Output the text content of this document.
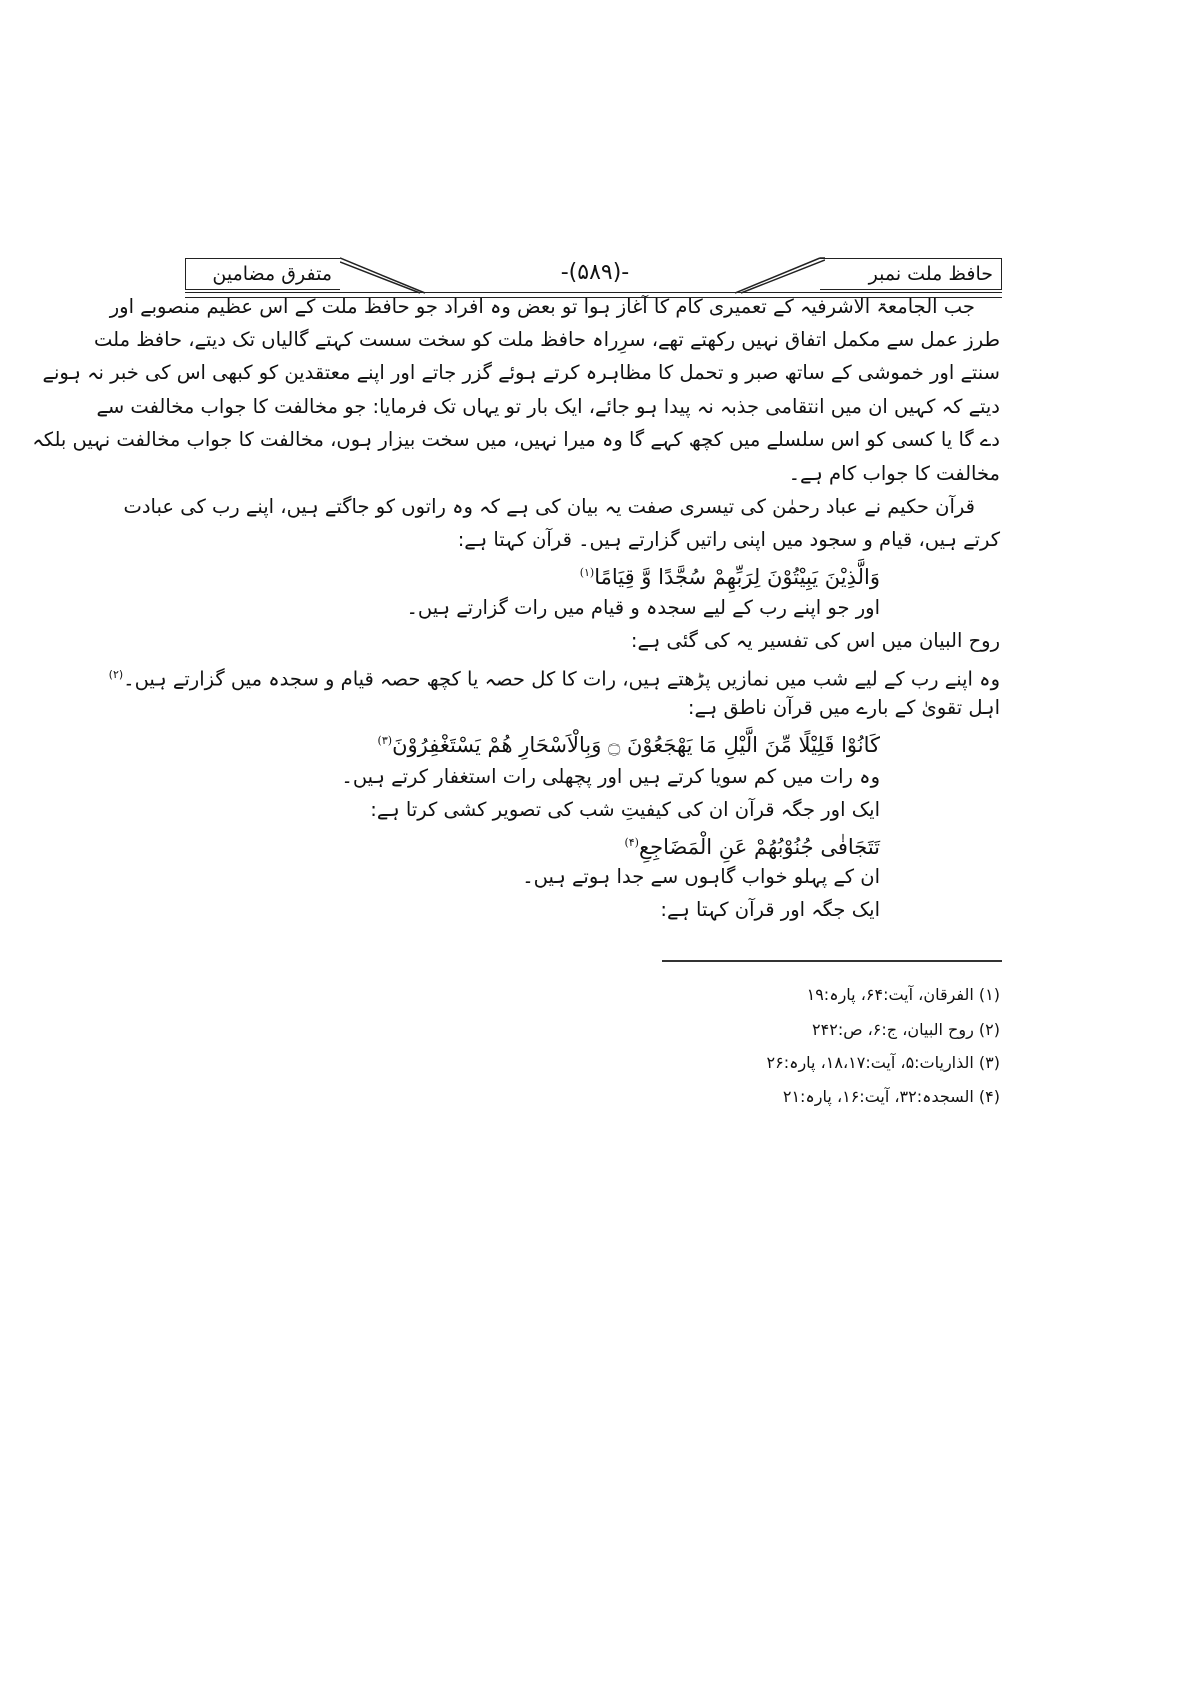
حافظ ملت نمبر
-(۵۸۹)-
متفرق مضامین
جب الجامعۃ الاشرفیہ کے تعمیری کام کا آغاز ہوا تو بعض وہ افراد جو حافظ ملت کے اس عظیم منصوبے اور
طرز عمل سے مکمل اتفاق نہیں رکھتے تھے، سرِراہ حافظ ملت کو سخت سست کہتے گالیاں تک دیتے، حافظ ملت
سنتے اور خموشی کے ساتھ صبر و تحمل کا مظاہرہ کرتے ہوئے گزر جاتے اور اپنے معتقدین کو کبھی اس کی خبر نہ ہونے
دیتے کہ کہیں ان میں انتقامی جذبہ نہ پیدا ہو جائے، ایک بار تو یہاں تک فرمایا: جو مخالفت کا جواب مخالفت سے
دے گا یا کسی کو اس سلسلے میں کچھ کہے گا وہ میرا نہیں، میں سخت بیزار ہوں، مخالفت کا جواب مخالفت نہیں بلکہ
مخالفت کا جواب کام ہے۔
قرآن حکیم نے عباد رحمٰن کی تیسری صفت یہ بیان کی ہے کہ وہ راتوں کو جاگتے ہیں، اپنے رب کی عبادت
کرتے ہیں، قیام و سجود میں اپنی راتیں گزارتے ہیں۔ قرآن کہتا ہے:
وَالَّذِیْنَ یَبِیْتُوْنَ لِرَبِّهِمْ سُجَّدًا وَّ قِیَامًا$^{(۱)}$
اور جو اپنے رب کے لیے سجدہ و قیام میں رات گزارتے ہیں۔
روح البیان میں اس کی تفسیر یہ کی گئی ہے:
وہ اپنے رب کے لیے شب میں نمازیں پڑھتے ہیں، رات کا کل حصہ یا کچھ حصہ قیام و سجدہ میں گزارتے ہیں۔$^{(۲)}$
اہل تقویٰ کے بارے میں قرآن ناطق ہے:
كَانُوْا قَلِیْلًا مِّنَ الَّیْلِ مَا یَهْجَعُوْنَ ۝ وَبِالْاَسْحَارِ هُمْ یَسْتَغْفِرُوْنَ$^{(۳)}$
وہ رات میں کم سویا کرتے ہیں اور پچھلی رات استغفار کرتے ہیں۔
ایک اور جگہ قرآن ان کی کیفیتِ شب کی تصویر کشی کرتا ہے:
تَتَجَافٰی جُنُوْبُهُمْ عَنِ الْمَضَاجِعِ$^{(۴)}$
ان کے پہلو خواب گاہوں سے جدا ہوتے ہیں۔
ایک جگہ اور قرآن کہتا ہے:
(۱) الفرقان، آیت:۶۴، پارہ:۱۹
(۲) روح البیان، ج:۶، ص:۲۴۲
(۳) الذاریات:۵، آیت:۱۸،۱۷، پارہ:۲۶
(۴) السجدہ:۳۲، آیت:۱۶، پارہ:۲۱
